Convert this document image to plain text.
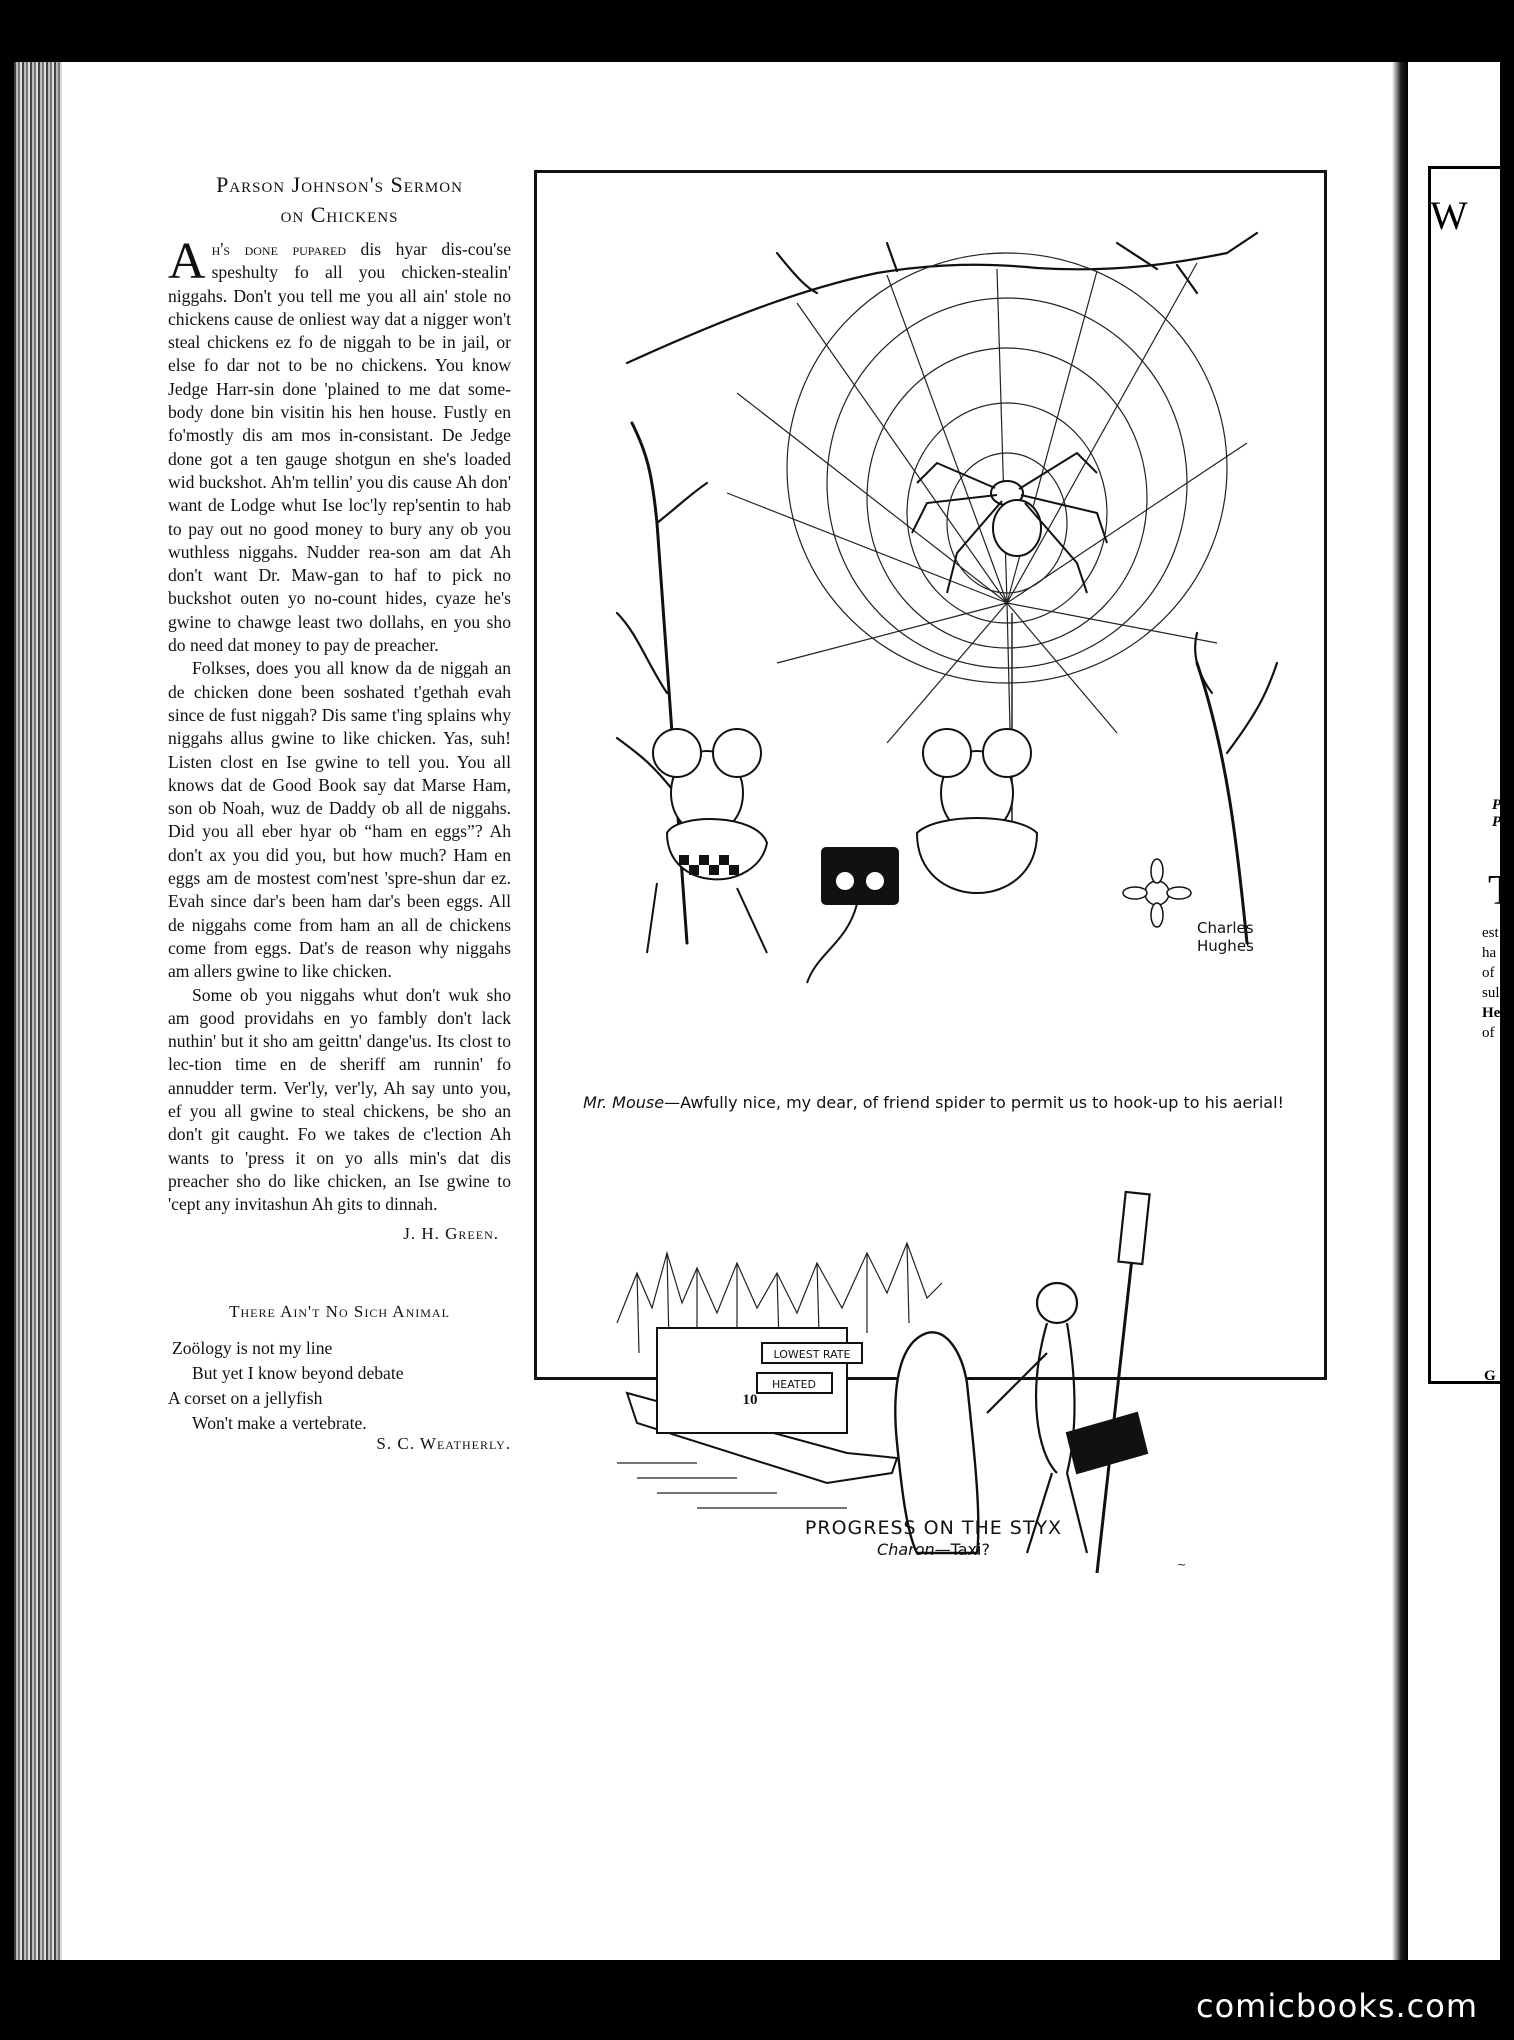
W
P
P
T
est
ha
of
sul
He
of
G
Parson Johnson's Sermon
on Chickens

Ah's done pupared dis hyar dis-cou'se speshulty fo all you chicken-stealin' niggahs. Don't you tell me you all ain' stole no chickens cause de onliest way dat a nigger won't steal chickens ez fo de niggah to be in jail, or else fo dar not to be no chickens. You know Jedge Harr-sin done 'plained to me dat some-body done bin visitin his hen house. Fustly en fo'mostly dis am mos in-consistant. De Jedge done got a ten gauge shotgun en she's loaded wid buckshot. Ah'm tellin' you dis cause Ah don' want de Lodge whut Ise loc'ly rep'sentin to hab to pay out no good money to bury any ob you wuthless niggahs. Nudder rea-son am dat Ah don't want Dr. Maw-gan to haf to pick no buckshot outen yo no-count hides, cyaze he's gwine to chawge least two dollahs, en you sho do need dat money to pay de preacher.

Folkses, does you all know da de niggah an de chicken done been soshated t'gethah evah since de fust niggah? Dis same t'ing splains why niggahs allus gwine to like chicken. Yas, suh! Listen clost en Ise gwine to tell you. You all knows dat de Good Book say dat Marse Ham, son ob Noah, wuz de Daddy ob all de niggahs. Did you all eber hyar ob “ham en eggs”? Ah don't ax you did you, but how much? Ham en eggs am de mostest com'nest 'spre-shun dar ez. Evah since dar's been ham dar's been eggs. All de niggahs come from ham an all de chickens come from eggs. Dat's de reason why niggahs am allers gwine to like chicken.

Some ob you niggahs whut don't wuk sho am good providahs en yo fambly don't lack nuthin' but it sho am geittn' dange'us. Its clost to lec-tion time en de sheriff am runnin' fo annudder term. Ver'ly, ver'ly, Ah say unto you, ef you all gwine to steal chickens, be sho an don't git caught. Fo we takes de c'lection Ah wants to 'press it on yo alls min's dat dis preacher sho do like chicken, an Ise gwine to 'cept any invitashun Ah gits to dinnah.

J. H. Green.
There Ain't No Sich Animal
Zoölogy is not my line
But yet I know beyond debate
A corset on a jellyfish
Won't make a vertebrate.
S. C. Weatherly.
Charles
Hughes
Mr. Mouse—Awfully nice, my dear, of friend spider to permit us to hook-up to his aerial!
LOWEST RATE
HEATED
~
PROGRESS ON THE STYX
Charon—Taxi?
10
comicbooks.com
